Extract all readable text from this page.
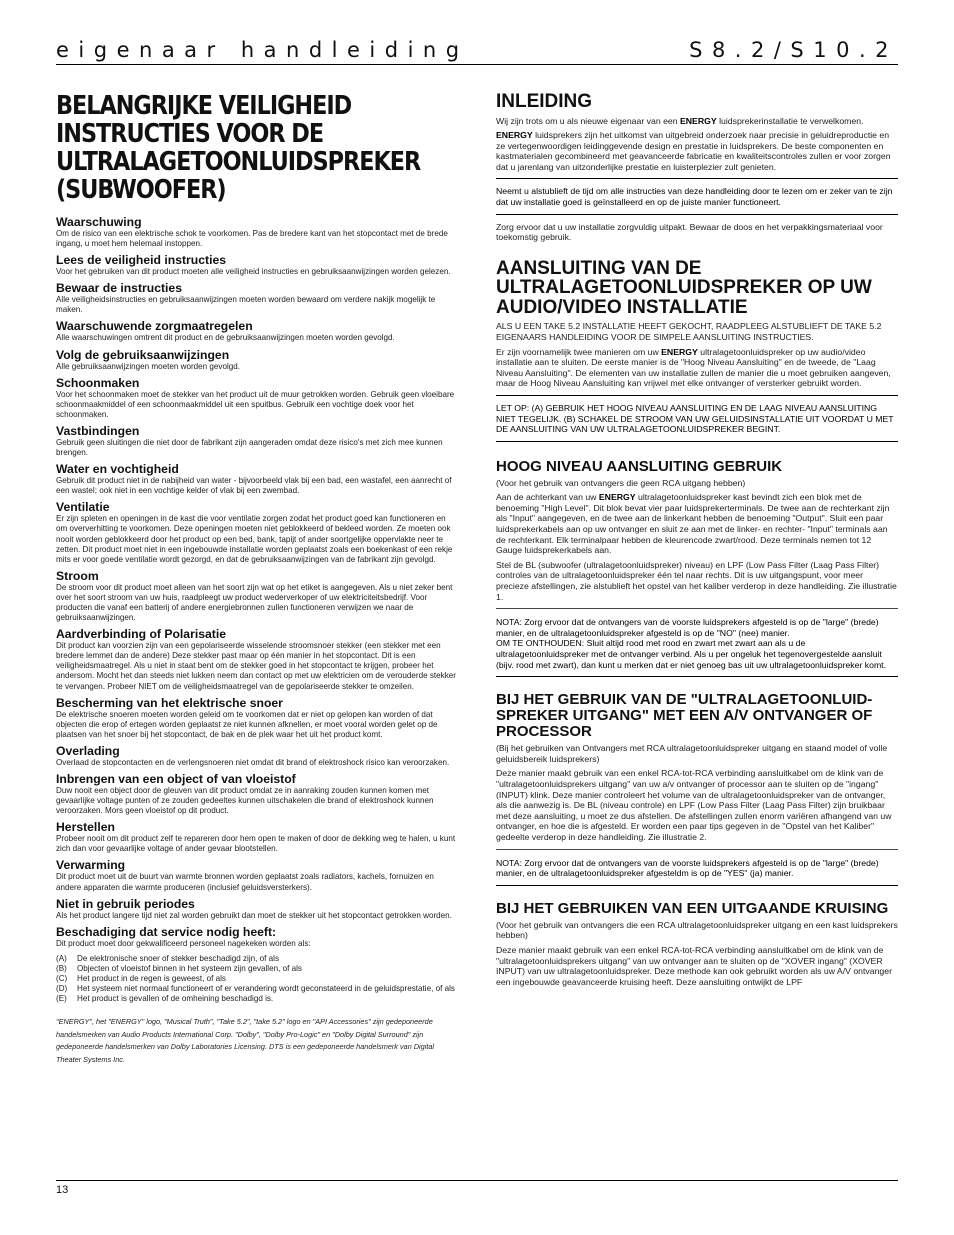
eigenaar handleiding	S8.2/S10.2
BELANGRIJKE VEILIGHEID INSTRUCTIES VOOR DE ULTRALAGETOONLUIDSPREKER (SUBWOOFER)
Waarschuwing
Om de risico van een elektrische schok te voorkomen. Pas de bredere kant van het stopcontact met de brede ingang, u moet hem helemaal instoppen.
Lees de veiligheid instructies
Voor het gebruiken van dit product moeten alle veiligheid instructies en gebruiksaanwijzingen worden gelezen.
Bewaar de instructies
Alle veiligheidsinstructies en gebruiksaanwijzingen moeten worden bewaard om verdere nakijk mogelijk te maken.
Waarschuwende zorgmaatregelen
Alle waarschuwingen omtrent dit product en de gebruiksaanwijzingen moeten worden gevolgd.
Volg de gebruiksaanwijzingen
Alle gebruiksaanwijzingen moeten worden gevolgd.
Schoonmaken
Voor het schoonmaken moet de stekker van het product uit de muur getrokken worden. Gebruik geen vloeibare schoonmaakmiddel of een schoonmaakmiddel uit een spuitbus. Gebruik een vochtige doek voor het schoonmaken.
Vastbindingen
Gebruik geen sluitingen die niet door de fabrikant zijn aangeraden omdat deze risico's met zich mee kunnen brengen.
Water en vochtigheid
Gebruik dit product niet in de nabijheid van water - bijvoorbeeld vlak bij een bad, een wastafel, een aanrecht of een wastel; ook niet in een vochtige kelder of vlak bij een zwembad.
Ventilatie
Er zijn spleten en openingen in de kast die voor ventilatie zorgen zodat het product goed kan functioneren en om oververhitting te voorkomen. Deze openingen moeten niet geblokkeerd of bekleed worden. Ze moeten ook nooit worden geblokkeerd door het product op een bed, bank, tapijt of ander soortgelijke oppervlakte neer te zetten. Dit product moet niet in een ingebouwde installatie worden geplaatst zoals een boekenkast of een rekje mits er voor goede ventilatie wordt gezorgd, en dat de gebruiksaanwijzingen van de fabrikant zijn gevolgd.
Stroom
De stroom voor dit product moet alleen van het soort zijn wat op het etiket is aangegeven. Als u niet zeker bent over het soort stroom van uw huis, raadpleegt uw product wederverkoper of uw elektriciteitsbedrijf. Voor producten die vanaf een batterij of andere energiebronnen zullen functioneren verwijzen we naar de gebruiksaanwijzingen.
Aardverbinding of Polarisatie
Dit product kan voorzien zijn van een gepolariseerde wisselende stroomsnoer stekker (een stekker met een bredere lemmet dan de andere) Deze stekker past maar op één manier in het stopcontact. Dit is een veiligheidsmaatregel. Als u niet in staat bent om de stekker goed in het stopcontact te krijgen, probeer het andersom. Mocht het dan steeds niet lukken neem dan contact op met uw elektricien om de verouderde stekker te vervangen. Probeer NIET om de veiligheidsmaatregel van de gepolariseerde stekker te omzeilen.
Bescherming van het elektrische snoer
De elektrische snoeren moeten worden geleid om te voorkomen dat er niet op gelopen kan worden of dat objecten die erop of ertegen worden geplaatst ze niet kunnen afknellen, er moet vooral worden gelet op de plaatsen van het snoer bij het stopcontact, de bak en de plek waar het uit het product komt.
Overlading
Overlaad de stopcontacten en de verlengsnoeren niet omdat dit brand of elektroshock risico kan veroorzaken.
Inbrengen van een object of van vloeistof
Duw nooit een object door de gleuven van dit product omdat ze in aanraking zouden kunnen komen met gevaarlijke voltage punten of ze zouden gedeeltes kunnen uitschakelen die brand of elektroshock kunnen veroorzaken. Mors geen vloeistof op dit product.
Herstellen
Probeer nooit om dit product zelf te repareren door hem open te maken of door de dekking weg te halen, u kunt zich dan voor gevaarlijke voltage of ander gevaar blootstellen.
Verwarming
Dit product moet uit de buurt van warmte bronnen worden geplaatst zoals radiators, kachels, fornuizen en andere apparaten die warmte produceren (inclusief geluidsversterkers).
Niet in gebruik periodes
Als het product langere tijd niet zal worden gebruikt dan moet de stekker uit het stopcontact getrokken worden.
Beschadiging dat service nodig heeft:
Dit product moet door gekwalificeerd personeel nagekeken worden als:
(A)	De elektronische snoer of stekker beschadigd zijn, of als
(B)	Objecten of vloeistof binnen in het systeem zijn gevallen, of als
(C)	Het product in de regen is geweest, of als
(D)	Het systeem niet normaal functioneert of er verandering wordt geconstateerd in de geluidsprestatie, of als
(E)	Het product is gevallen of de omheining beschadigd is.
"ENERGY", het "ENERGY" logo, "Musical Truth", "Take 5.2", "take 5.2" logo en "API Accessories" zijn gedeponeerde handelsmerken van Audio Products International Corp. "Dolby", "Dolby Pro-Logic" en "Dolby Digital Surround" zijn gedeponeerde handelsmerken van Dolby Laboratories Licensing. DTS is een gedeponeerde handelsmerk van Digital Theater Systems Inc.
INLEIDING

Wij zijn trots om u als nieuwe eigenaar van een ENERGY luidsprekerinstallatie te verwelkomen.

ENERGY luidsprekers zijn het uitkomst van uitgebreid onderzoek naar precisie in geluidreproductie en ze vertegenwoordigen leidinggevende design en prestatie in luidsprekers. De beste componenten en kastmaterialen gecombineerd met geavanceerde fabricatie en kwaliteitscontroles zullen er voor zorgen dat u jarenlang van uitzonderlijke prestatie en luisterplezier zult genieten.

Neemt u alstublieft de tijd om alle instructies van deze handleiding door te lezen om er zeker van te zijn dat uw installatie goed is geïnstalleerd en op de juiste manier functioneert.

Zorg ervoor dat u uw installatie zorgvuldig uitpakt. Bewaar de doos en het verpakkingsmateriaal voor toekomstig gebruik.

AANSLUITING VAN DE ULTRALAGETOONLUIDSPREKER OP UW AUDIO/VIDEO INSTALLATIE

ALS U EEN TAKE 5.2 INSTALLATIE HEEFT GEKOCHT, RAADPLEEG ALSTUBLIEFT DE TAKE 5.2 EIGENAARS HANDLEIDING VOOR DE SIMPELE AANSLUITING INSTRUCTIES.

Er zijn voornamelijk twee manieren om uw ENERGY ultralagetoonluidspreker op uw audio/video installatie aan te sluiten. De eerste manier is de "Hoog Niveau Aansluiting" en de tweede, de "Laag Niveau Aansluiting". De elementen van uw installatie zullen de manier die u moet gebruiken aangeven, maar de Hoog Niveau Aansluiting kan vrijwel met elke ontvanger of versterker gebruikt worden.

LET OP: (A) GEBRUIK HET HOOG NIVEAU AANSLUITING EN DE LAAG NIVEAU AANSLUITING NIET TEGELIJK. (B) SCHAKEL DE STROOM VAN UW GELUIDSINSTALLATIE UIT VOORDAT U MET DE AANSLUITING VAN UW ULTRALAGETOONLUIDSPREKER BEGINT.

HOOG NIVEAU AANSLUITING GEBRUIK

(Voor het gebruik van ontvangers die geen RCA uitgang hebben)

Aan de achterkant van uw ENERGY ultralagetoonluidspreker kast bevindt zich een blok met de benoeming "High Level". Dit blok bevat vier paar luidsprekerterminals. De twee aan de rechterkant zijn als "Input" aangegeven, en de twee aan de linkerkant hebben de benoeming "Output". Sluit een paar luidsprekerkabels aan op uw ontvanger en sluit ze aan met de linker- en rechter- "Input" terminals aan de rechterkant. Elk terminalpaar hebben de kleurencode zwart/rood. Deze terminals nemen tot 12 Gauge luidsprekerkabels aan.

Stel de BL (subwoofer (ultralagetoonluidspreker) niveau) en LPF (Low Pass Filter (Laag Pass Filter) controles van de ultralagetoonluidspreker één tel naar rechts. Dit is uw uitgangspunt, voor meer precieze afstellingen, zie alstublieft het opstel van het kaliber verderop in deze handleiding. Zie illustratie 1.

NOTA: Zorg ervoor dat de ontvangers van de voorste luidsprekers afgesteld is op de "large" (brede) manier, en de ultralagetoonluidspreker afgesteld is op de "NO" (nee) manier.

OM TE ONTHOUDEN: Sluit altijd rood met rood en zwart met zwart aan als u de ultralagetoonluidspreker met de ontvanger verbind. Als u per ongeluk het tegenovergestelde aansluit (bijv. rood met zwart), dan kunt u merken dat er niet genoeg bas uit uw ultralagetoonluidspreker komt.

BIJ HET GEBRUIK VAN DE "ULTRALAGETOONLUID-SPREKER UITGANG" MET EEN A/V ONTVANGER OF PROCESSOR

(Bij het gebruiken van Ontvangers met RCA ultralagetoonluidspreker uitgang en staand model of volle geluidsbereik luidsprekers)

Deze manier maakt gebruik van een enkel RCA-tot-RCA verbinding aansluitkabel om de klink van de "ultralagetoonluidsprekers uitgang" van uw a/v ontvanger of processor aan te sluiten op de "ingang" (INPUT) klink. Deze manier controleert het volume van de ultralagetoonluidspreker van de ontvanger, als die aanwezig is. De BL (niveau controle) en LPF (Low Pass Filter (Laag Pass Filter) zijn bruikbaar met deze aansluiting, u moet ze dus afstellen. De afstellingen zullen enorm variëren afhangend van uw ontvanger, en hoe die is afgesteld. Er worden een paar tips gegeven in de "Opstel van het Kaliber" gedeelte verderop in deze handleiding. Zie illustratie 2.

NOTA: Zorg ervoor dat de ontvangers van de voorste luidsprekers afgesteld is op de "large" (brede) manier, en de ultralagetoonluidspreker afgesteldm is op de "YES" (ja) manier.

BIJ HET GEBRUIKEN VAN EEN UITGAANDE KRUISING

(Voor het gebruik van ontvangers die een RCA ultralagetoonluidspreker uitgang en een kast luidsprekers hebben)

Deze manier maakt gebruik van een enkel RCA-tot-RCA verbinding aansluitkabel om de klink van de "ultralagetoonluidsprekers uitgang" van uw ontvanger aan te sluiten op de "XOVER ingang" (XOVER INPUT) van uw ultralagetoonluidspreker. Deze methode kan ook gebruikt worden als uw A/V ontvanger een ingebouwde geavanceerde kruising heeft. Deze aansluiting ontwijkt de LPF

13
